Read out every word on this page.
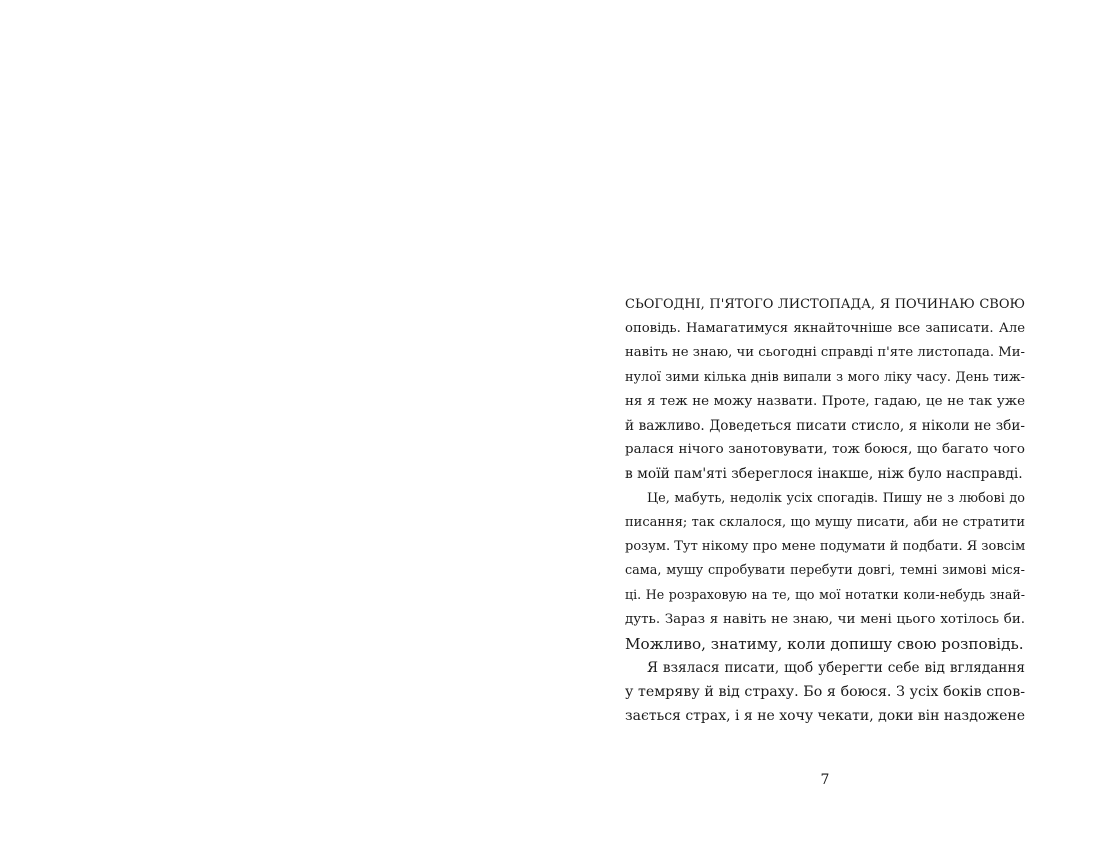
СЬОГОДНІ, П'ЯТОГО ЛИСТОПАДА, Я ПОЧИНАЮ СВОЮ
оповідь. Намагатимуся якнайточніше все записати. Але
навіть не знаю, чи сьогодні справді п'яте листопада. Ми-
нулої зими кілька днів випали з мого ліку часу. День тиж-
ня я теж не можу назвати. Проте, гадаю, це не так уже
й важливо. Доведеться писати стисло, я ніколи не зби-
ралася нічого занотовувати, тож боюся, що багато чого
в моїй пам'яті збереглося інакше, ніж було насправді.
Це, мабуть, недолік усіх спогадів. Пишу не з любові до
писання; так склалося, що мушу писати, аби не стратити
розум. Тут нікому про мене подумати й подбати. Я зовсім
сама, мушу спробувати перебути довгі, темні зимові міся-
ці. Не розраховую на те, що мої нотатки коли-небудь знай-
дуть. Зараз я навіть не знаю, чи мені цього хотілось би.
Можливо, знатиму, коли допишу свою розповідь.
Я взялася писати, щоб уберегти себе від вглядання
у темряву й від страху. Бо я боюся. З усіх боків спов-
зається страх, і я не хочу чекати, доки він наздожене
7
